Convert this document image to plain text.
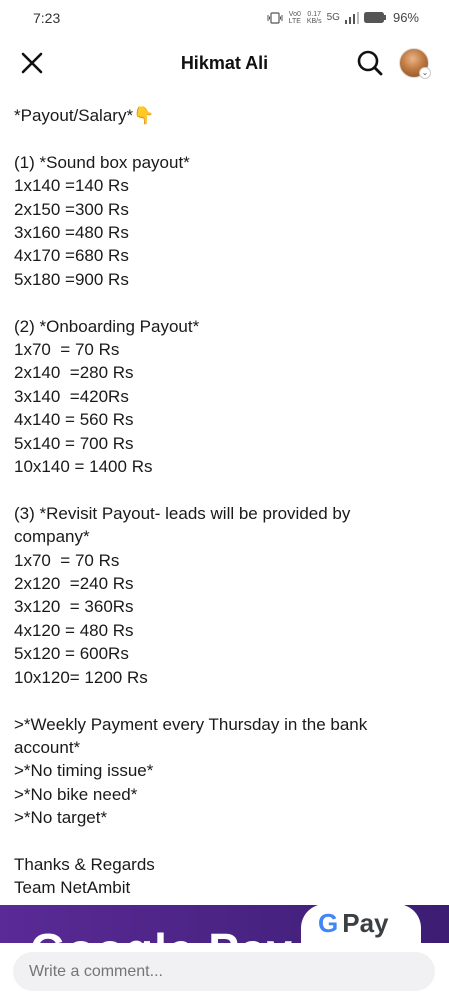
7:23	Vo0 LTE
0.17
KB/s 5G	96%
Hikmat Ali	⌄
*Payout/Salary*👇
(1) *Sound box payout*
1x140 =140 Rs
2x150 =300 Rs
3x160 =480 Rs
4x170 =680 Rs
5x180 =900 Rs
(2) *Onboarding Payout*
1x70  = 70 Rs
2x140  =280 Rs
3x140  =420Rs
4x140 = 560 Rs
5x140 = 700 Rs
10x140 = 1400 Rs
(3) *Revisit Payout- leads will be provided by
company*
1x70  = 70 Rs
2x120  =240 Rs
3x120  = 360Rs
4x120 = 480 Rs
5x120 = 600Rs
10x120= 1200 Rs
>*Weekly Payment every Thursday in the bank
account*
>*No timing issue*
>*No bike need*
>*No target*
Thanks & Regards
Team NetAmbit
G Pay
Write a comment...
